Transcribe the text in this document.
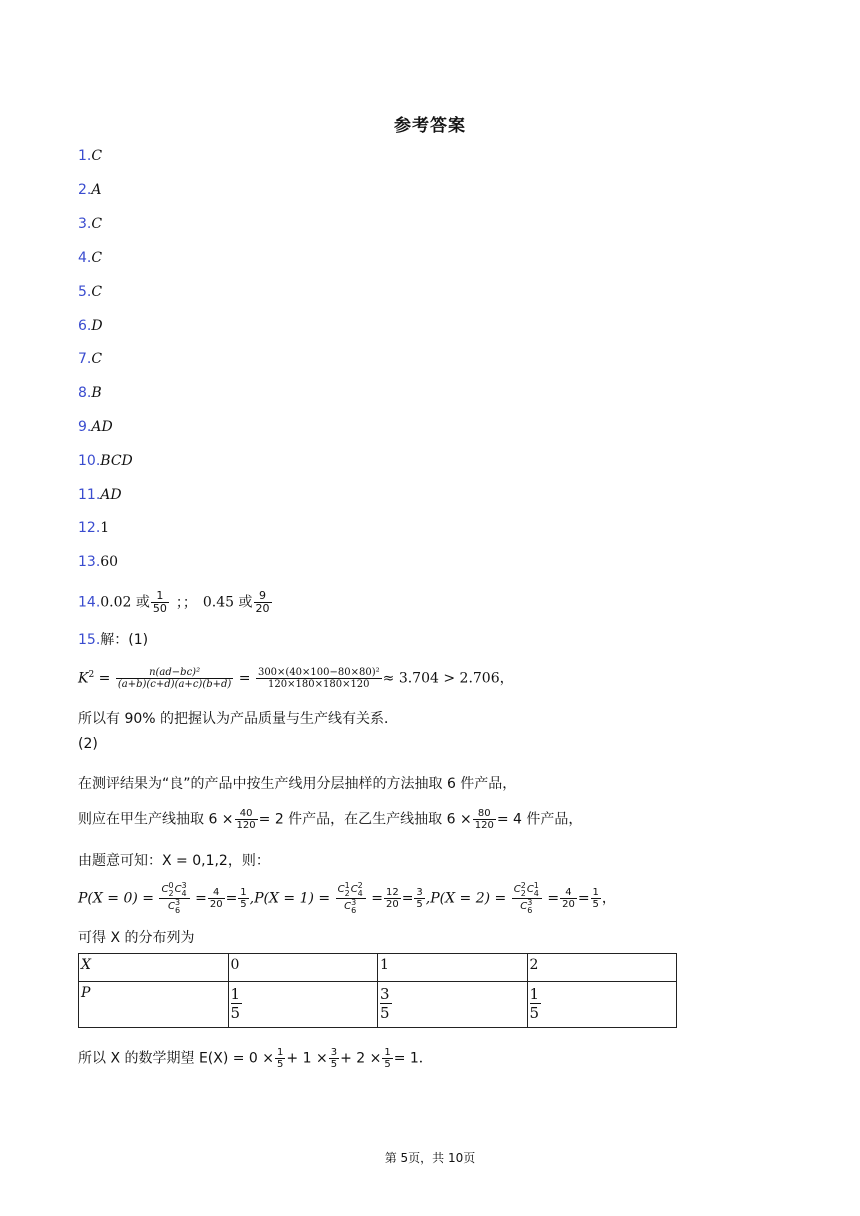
参考答案
1.C
2.A
3.C
4.C
5.C
6.D
7.C
8.B
9.AD
10.BCD
11.AD
12.1
13.60
14.0.02 或 $\frac{1}{50}$ ；； 0.45 或 $\frac{9}{20}$
15.解：(1)
$K^2 = \frac{\text{n(ad−bc)²}}{(a+b)(c+d)(a+c)(b+d)} = \frac{\text{300×(40×100−80×80)²}}{120\times 180\times 180\times 120} \approx 3.704 > 2.706$，
所以有 90% 的把握认为产品质量与生产线有关系．
(2)
在测评结果为“良”的产品中按生产线用分层抽样的方法抽取 6 件产品，
则应在甲生产线抽取 $6 \times \frac{40}{120} = 2$ 件产品，在乙生产线抽取 $6 \times \frac{80}{120} = 4$ 件产品，
由题意可知：X = 0,1,2，则：
P(X = 0) = C 0
2 C 3
4
C 3
$6 = \frac{4}{20} = \frac{1}{5} ,P(X = 1) = C$ 1
2 C 2
4
C 3
$6 = \frac{12}{20} = \frac{3}{5} ,P(X = 2) = C$ 2
2 C 1
4
C 3
$6 = \frac{4}{20} = \frac{1}{5}$ ，
可得 X 的分布列为
X	0	1	2
P	$\frac{1}{5}$	$\frac{3}{5}$	$\frac{1}{5}$
所以 X 的数学期望 $E(X) = 0 \times \frac{1}{5} + 1 \times \frac{3}{5} + 2 \times \frac{1}{5} = 1$．
第 5页，共 10页
